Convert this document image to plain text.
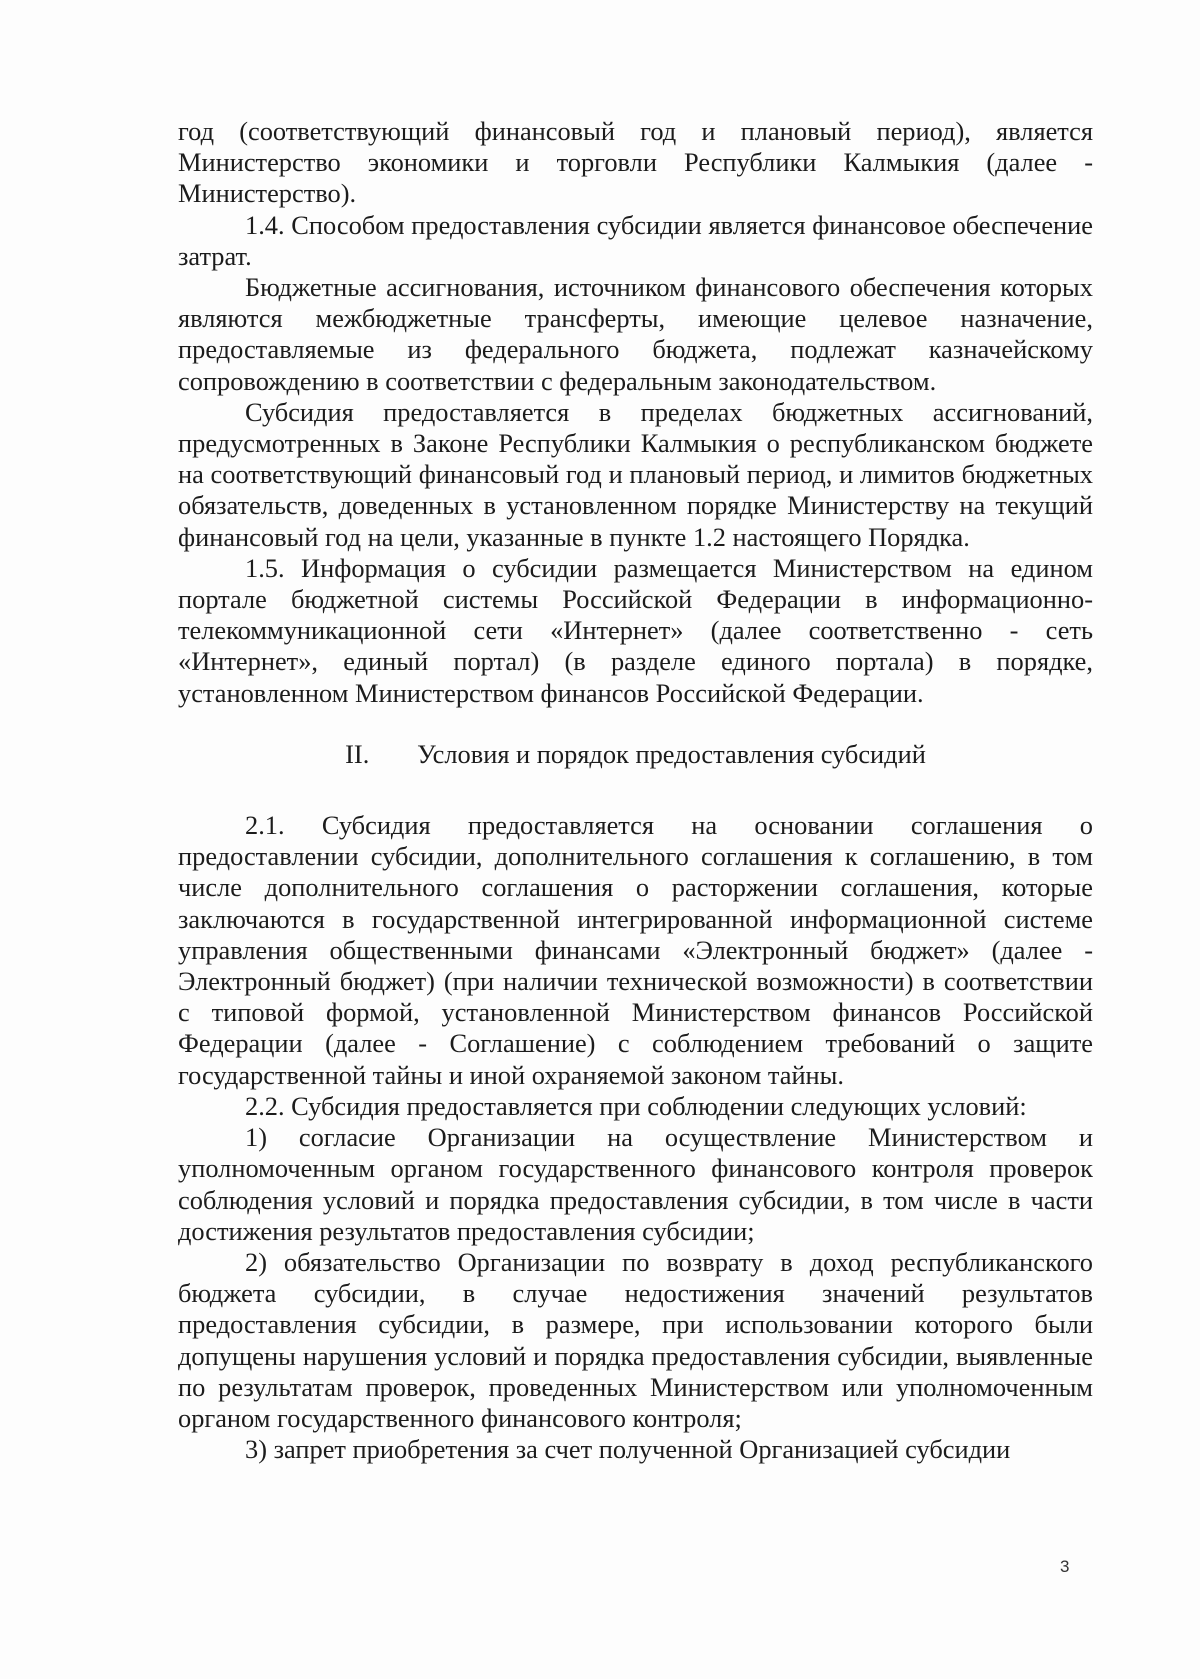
год (соответствующий финансовый год и плановый период), является Министерство экономики и торговли Республики Калмыкия (далее - Министерство).

1.4. Способом предоставления субсидии является финансовое обеспечение затрат.

Бюджетные ассигнования, источником финансового обеспечения которых являются межбюджетные трансферты, имеющие целевое назначение, предоставляемые из федерального бюджета, подлежат казначейскому сопровождению в соответствии с федеральным законодательством.

Субсидия предоставляется в пределах бюджетных ассигнований, предусмотренных в Законе Республики Калмыкия о республиканском бюджете на соответствующий финансовый год и плановый период, и лимитов бюджетных обязательств, доведенных в установленном порядке Министерству на текущий финансовый год на цели, указанные в пункте 1.2 настоящего Порядка.

1.5. Информация о субсидии размещается Министерством на едином портале бюджетной системы Российской Федерации в информационно-телекоммуникационной сети «Интернет» (далее соответственно - сеть «Интернет», единый портал) (в разделе единого портала) в порядке, установленном Министерством финансов Российской Федерации.

II. Условия и порядок предоставления субсидий

2.1. Субсидия предоставляется на основании соглашения о предоставлении субсидии, дополнительного соглашения к соглашению, в том числе дополнительного соглашения о расторжении соглашения, которые заключаются в государственной интегрированной информационной системе управления общественными финансами «Электронный бюджет» (далее - Электронный бюджет) (при наличии технической возможности) в соответствии с типовой формой, установленной Министерством финансов Российской Федерации (далее - Соглашение) с соблюдением требований о защите государственной тайны и иной охраняемой законом тайны.

2.2. Субсидия предоставляется при соблюдении следующих условий:

1) согласие Организации на осуществление Министерством и уполномоченным органом государственного финансового контроля проверок соблюдения условий и порядка предоставления субсидии, в том числе в части достижения результатов предоставления субсидии;

2) обязательство Организации по возврату в доход республиканского бюджета субсидии, в случае недостижения значений результатов предоставления субсидии, в размере, при использовании которого были допущены нарушения условий и порядка предоставления субсидии, выявленные по результатам проверок, проведенных Министерством или уполномоченным органом государственного финансового контроля;

3) запрет приобретения за счет полученной Организацией субсидии

3
